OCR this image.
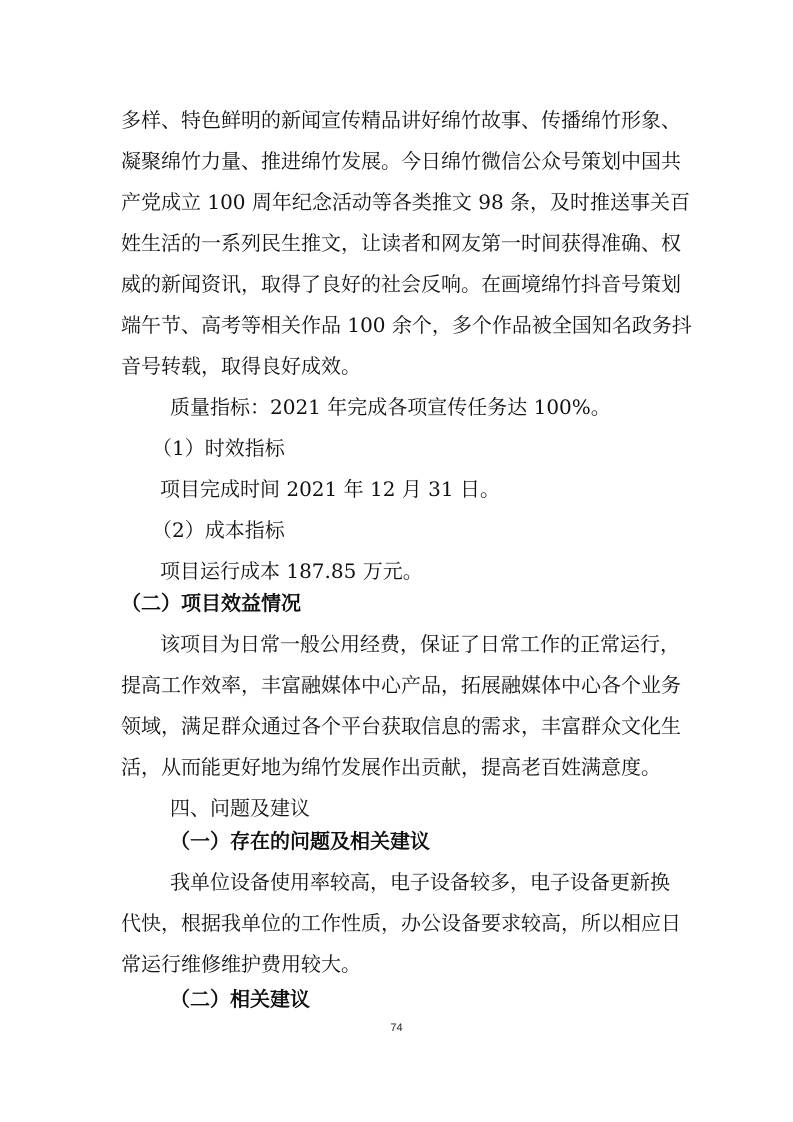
多样、特色鲜明的新闻宣传精品讲好绵竹故事、传播绵竹形象、
凝聚绵竹力量、推进绵竹发展。今日绵竹微信公众号策划中国共
产党成立 100 周年纪念活动等各类推文 98 条，及时推送事关百
姓生活的一系列民生推文，让读者和网友第一时间获得准确、权
威的新闻资讯，取得了良好的社会反响。在画境绵竹抖音号策划
端午节、高考等相关作品 100 余个，多个作品被全国知名政务抖
音号转载，取得良好成效。
质量指标：2021 年完成各项宣传任务达 100%。
（1）时效指标
项目完成时间 2021 年 12 月 31 日。
（2）成本指标
项目运行成本 187.85 万元。
（二）项目效益情况
该项目为日常一般公用经费，保证了日常工作的正常运行，
提高工作效率，丰富融媒体中心产品，拓展融媒体中心各个业务
领域，满足群众通过各个平台获取信息的需求，丰富群众文化生
活，从而能更好地为绵竹发展作出贡献，提高老百姓满意度。
四、问题及建议
（一）存在的问题及相关建议
我单位设备使用率较高，电子设备较多，电子设备更新换
代快，根据我单位的工作性质，办公设备要求较高，所以相应日
常运行维修维护费用较大。
（二）相关建议
74
